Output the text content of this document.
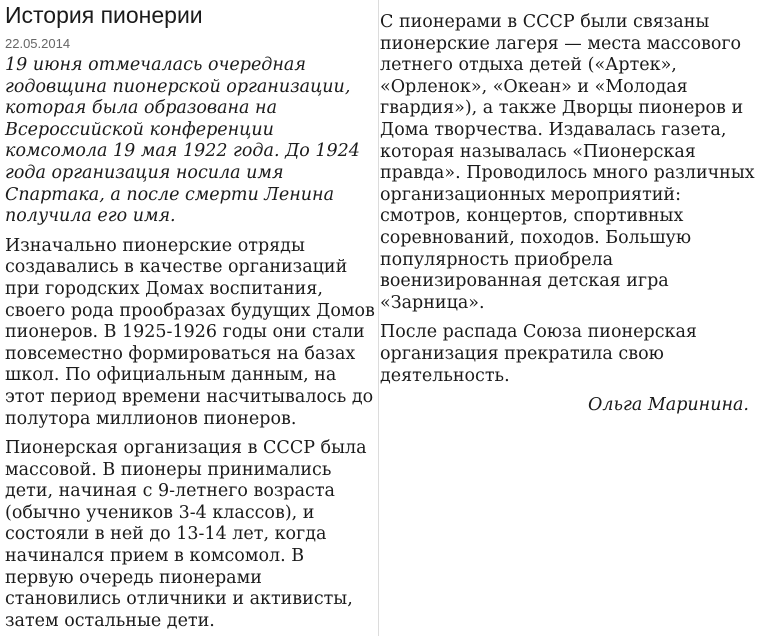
История пионерии
22.05.2014

19 июня отмечалась очередная годовщина пионерской организации, которая была образована на Всероссийской конференции комсомола 19 мая 1922 года. До 1924 года организация носила имя Спартака, а после смерти Ленина получила его имя.

Изначально пионерские отряды создавались в качестве организаций при городских Домах воспитания, своего рода прообразах будущих Домов пионеров. В 1925-1926 годы они стали повсеместно формироваться на базах школ. По официальным данным, на этот период времени насчитывалось до полутора миллионов пионеров.

Пионерская организация в СССР была массовой. В пионеры принимались дети, начиная с 9-летнего возраста (обычно учеников 3-4 классов), и состояли в ней до 13-14 лет, когда начинался прием в комсомол. В первую очередь пионерами становились отличники и активисты, затем остальные дети.

С пионерами в СССР были связаны пионерские лагеря — места массового летнего отдыха детей («Артек», «Орленок», «Океан» и «Молодая гвардия»), а также Дворцы пионеров и Дома творчества. Издавалась газета, которая называлась «Пионерская правда». Проводилось много различных организационных мероприятий: смотров, концертов, спортивных соревнований, походов. Большую популярность приобрела военизированная детская игра «Зарница».

После распада Союза пионерская организация прекратила свою деятельность.

Ольга Маринина.
